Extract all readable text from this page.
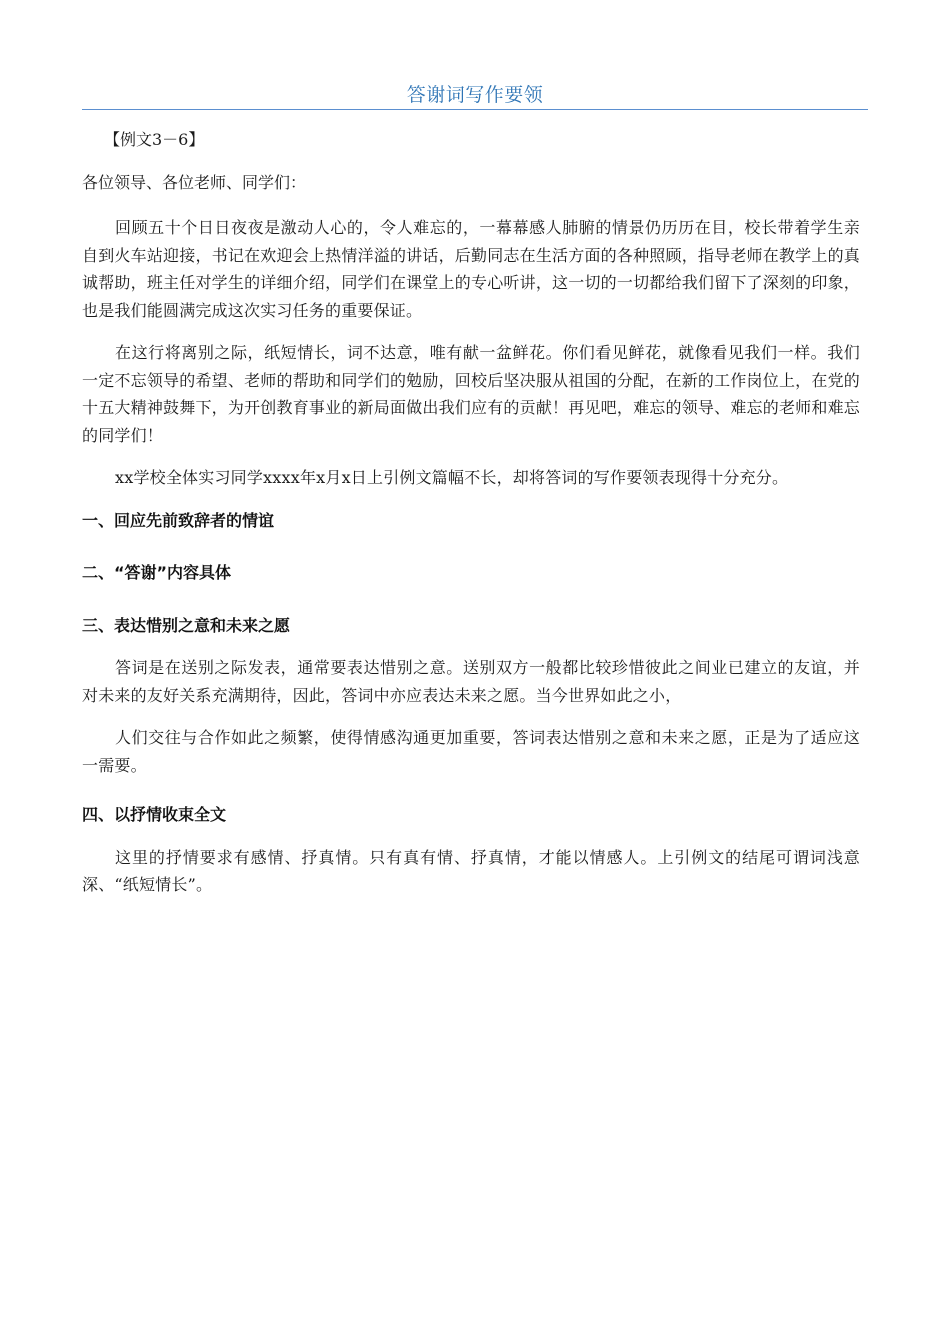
答谢词写作要领

【例文3－6】

各位领导、各位老师、同学们：

回顾五十个日日夜夜是激动人心的，令人难忘的，一幕幕感人肺腑的情景仍历历在目，校长带着学生亲自到火车站迎接，书记在欢迎会上热情洋溢的讲话，后勤同志在生活方面的各种照顾，指导老师在教学上的真诚帮助，班主任对学生的详细介绍，同学们在课堂上的专心听讲，这一切的一切都给我们留下了深刻的印象，也是我们能圆满完成这次实习任务的重要保证。

在这行将离别之际，纸短情长，词不达意，唯有献一盆鲜花。你们看见鲜花，就像看见我们一样。我们一定不忘领导的希望、老师的帮助和同学们的勉励，回校后坚决服从祖国的分配，在新的工作岗位上，在党的十五大精神鼓舞下，为开创教育事业的新局面做出我们应有的贡献！再见吧，难忘的领导、难忘的老师和难忘的同学们！

xx学校全体实习同学xxxx年x月x日上引例文篇幅不长，却将答词的写作要领表现得十分充分。

一、回应先前致辞者的情谊
二、“答谢”内容具体
三、表达惜别之意和未来之愿

答词是在送别之际发表，通常要表达惜别之意。送别双方一般都比较珍惜彼此之间业已建立的友谊，并对未来的友好关系充满期待，因此，答词中亦应表达未来之愿。当今世界如此之小，

人们交往与合作如此之频繁，使得情感沟通更加重要，答词表达惜别之意和未来之愿，正是为了适应这一需要。

四、以抒情收束全文

这里的抒情要求有感情、抒真情。只有真有情、抒真情，才能以情感人。上引例文的结尾可谓词浅意深、“纸短情长”。
